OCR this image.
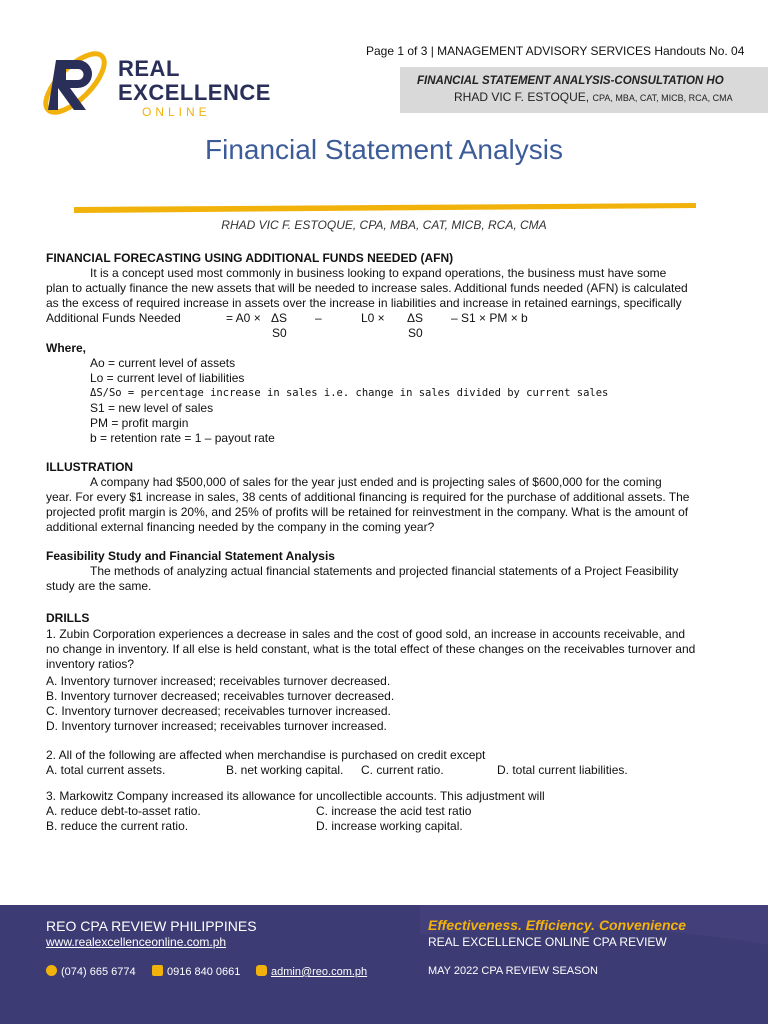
Page 1 of 3 | MANAGEMENT ADVISORY SERVICES Handouts No. 04
FINANCIAL STATEMENT ANALYSIS-CONSULTATION HO
RHAD VIC F. ESTOQUE, CPA, MBA, CAT, MICB, RCA, CMA
REAL
EXCELLENCE
ONLINE
Financial Statement Analysis
RHAD VIC F. ESTOQUE, CPA, MBA, CAT, MICB, RCA, CMA
FINANCIAL FORECASTING USING ADDITIONAL FUNDS NEEDED (AFN)
It is a concept used most commonly in business looking to expand operations, the business must have some
plan to actually finance the new assets that will be needed to increase sales. Additional funds needed (AFN) is calculated
as the excess of required increase in assets over the increase in liabilities and increase in retained earnings, specifically
Additional Funds Needed	= A0 × ΔS –	L0 × ΔS – S1 × PM × b
S0	S0
Where,
Ao = current level of assets
Lo = current level of liabilities
ΔS/So = percentage increase in sales i.e. change in sales divided by current sales
S1 = new level of sales
PM = profit margin
b = retention rate = 1 – payout rate
ILLUSTRATION
A company had $500,000 of sales for the year just ended and is projecting sales of $600,000 for the coming
year. For every $1 increase in sales, 38 cents of additional financing is required for the purchase of additional assets. The
projected profit margin is 20%, and 25% of profits will be retained for reinvestment in the company. What is the amount of
additional external financing needed by the company in the coming year?
Feasibility Study and Financial Statement Analysis
The methods of analyzing actual financial statements and projected financial statements of a Project Feasibility
study are the same.
DRILLS
1. Zubin Corporation experiences a decrease in sales and the cost of good sold, an increase in accounts receivable, and
no change in inventory. If all else is held constant, what is the total effect of these changes on the receivables turnover and
inventory ratios?
A. Inventory turnover increased; receivables turnover decreased.
B. Inventory turnover decreased; receivables turnover decreased.
C. Inventory turnover decreased; receivables turnover increased.
D. Inventory turnover increased; receivables turnover increased.
2. All of the following are affected when merchandise is purchased on credit except
A. total current assets.	B. net working capital. C. current ratio.	D. total current liabilities.
3. Markowitz Company increased its allowance for uncollectible accounts. This adjustment will
A. reduce debt-to-asset ratio.	C. increase the acid test ratio
B. reduce the current ratio.	D. increase working capital.
REO CPA REVIEW PHILIPPINES
www.realexcellenceonline.com.ph
Effectiveness. Efficiency. Convenience
REAL EXCELLENCE ONLINE CPA REVIEW
(074) 665 6774	0916 840 0661	admin@reo.com.ph	MAY 2022 CPA REVIEW SEASON
